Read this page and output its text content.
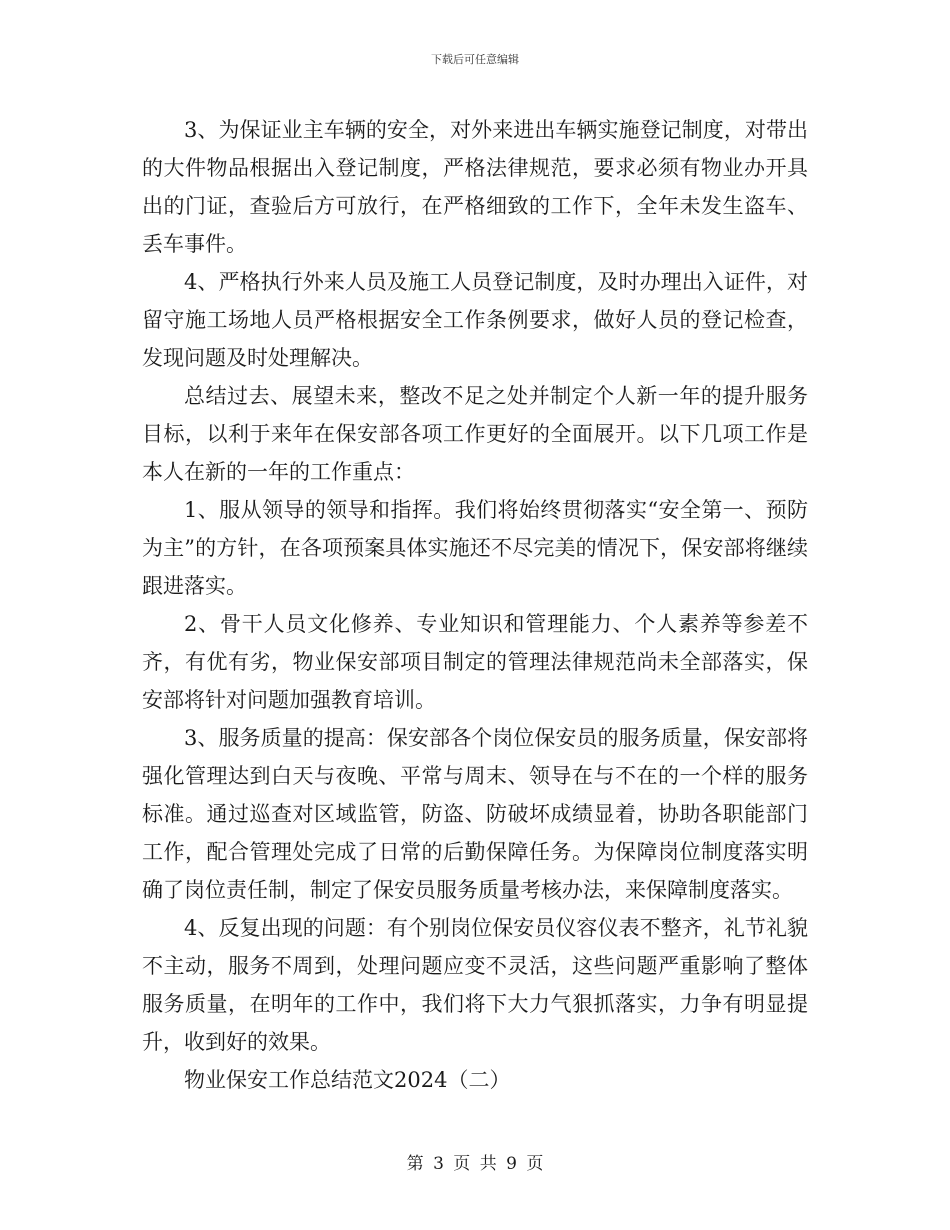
下载后可任意编辑

3、为保证业主车辆的安全，对外来进出车辆实施登记制度，对带出的大件物品根据出入登记制度，严格法律规范，要求必须有物业办开具出的门证，查验后方可放行，在严格细致的工作下，全年未发生盗车、丢车事件。

4、严格执行外来人员及施工人员登记制度，及时办理出入证件，对留守施工场地人员严格根据安全工作条例要求，做好人员的登记检查，发现问题及时处理解决。

总结过去、展望未来，整改不足之处并制定个人新一年的提升服务目标，以利于来年在保安部各项工作更好的全面展开。以下几项工作是本人在新的一年的工作重点：

1、服从领导的领导和指挥。我们将始终贯彻落实“安全第一、预防为主”的方针，在各项预案具体实施还不尽完美的情况下，保安部将继续跟进落实。

2、骨干人员文化修养、专业知识和管理能力、个人素养等参差不齐，有优有劣，物业保安部项目制定的管理法律规范尚未全部落实，保安部将针对问题加强教育培训。

3、服务质量的提高：保安部各个岗位保安员的服务质量，保安部将强化管理达到白天与夜晚、平常与周末、领导在与不在的一个样的服务标准。通过巡查对区域监管，防盗、防破坏成绩显着，协助各职能部门工作，配合管理处完成了日常的后勤保障任务。为保障岗位制度落实明确了岗位责任制，制定了保安员服务质量考核办法，来保障制度落实。

4、反复出现的问题：有个别岗位保安员仪容仪表不整齐，礼节礼貌不主动，服务不周到，处理问题应变不灵活，这些问题严重影响了整体服务质量，在明年的工作中，我们将下大力气狠抓落实，力争有明显提升，收到好的效果。

物业保安工作总结范文2024（二）

第 3 页 共 9 页
